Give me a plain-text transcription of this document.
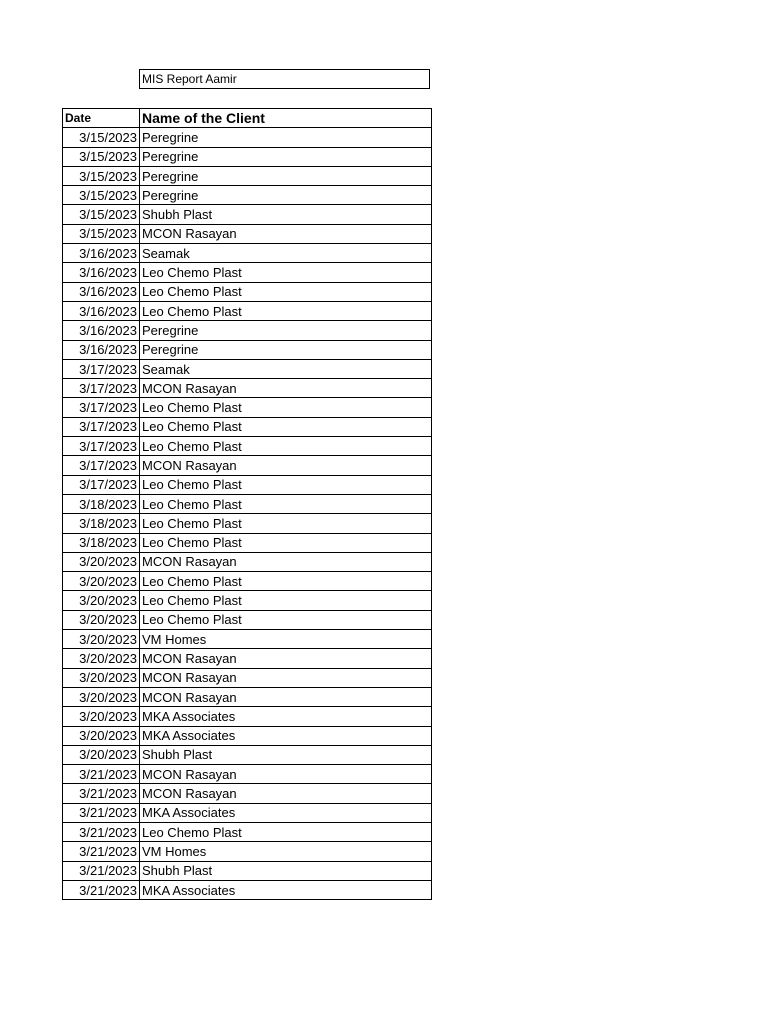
MIS Report Aamir
Date	Name of the Client
3/15/2023	Peregrine
3/15/2023	Peregrine
3/15/2023	Peregrine
3/15/2023	Peregrine
3/15/2023	Shubh Plast
3/15/2023	MCON Rasayan
3/16/2023	Seamak
3/16/2023	Leo Chemo Plast
3/16/2023	Leo Chemo Plast
3/16/2023	Leo Chemo Plast
3/16/2023	Peregrine
3/16/2023	Peregrine
3/17/2023	Seamak
3/17/2023	MCON Rasayan
3/17/2023	Leo Chemo Plast
3/17/2023	Leo Chemo Plast
3/17/2023	Leo Chemo Plast
3/17/2023	MCON Rasayan
3/17/2023	Leo Chemo Plast
3/18/2023	Leo Chemo Plast
3/18/2023	Leo Chemo Plast
3/18/2023	Leo Chemo Plast
3/20/2023	MCON Rasayan
3/20/2023	Leo Chemo Plast
3/20/2023	Leo Chemo Plast
3/20/2023	Leo Chemo Plast
3/20/2023	VM Homes
3/20/2023	MCON Rasayan
3/20/2023	MCON Rasayan
3/20/2023	MCON Rasayan
3/20/2023	MKA Associates
3/20/2023	MKA Associates
3/20/2023	Shubh Plast
3/21/2023	MCON Rasayan
3/21/2023	MCON Rasayan
3/21/2023	MKA Associates
3/21/2023	Leo Chemo Plast
3/21/2023	VM Homes
3/21/2023	Shubh Plast
3/21/2023	MKA Associates
